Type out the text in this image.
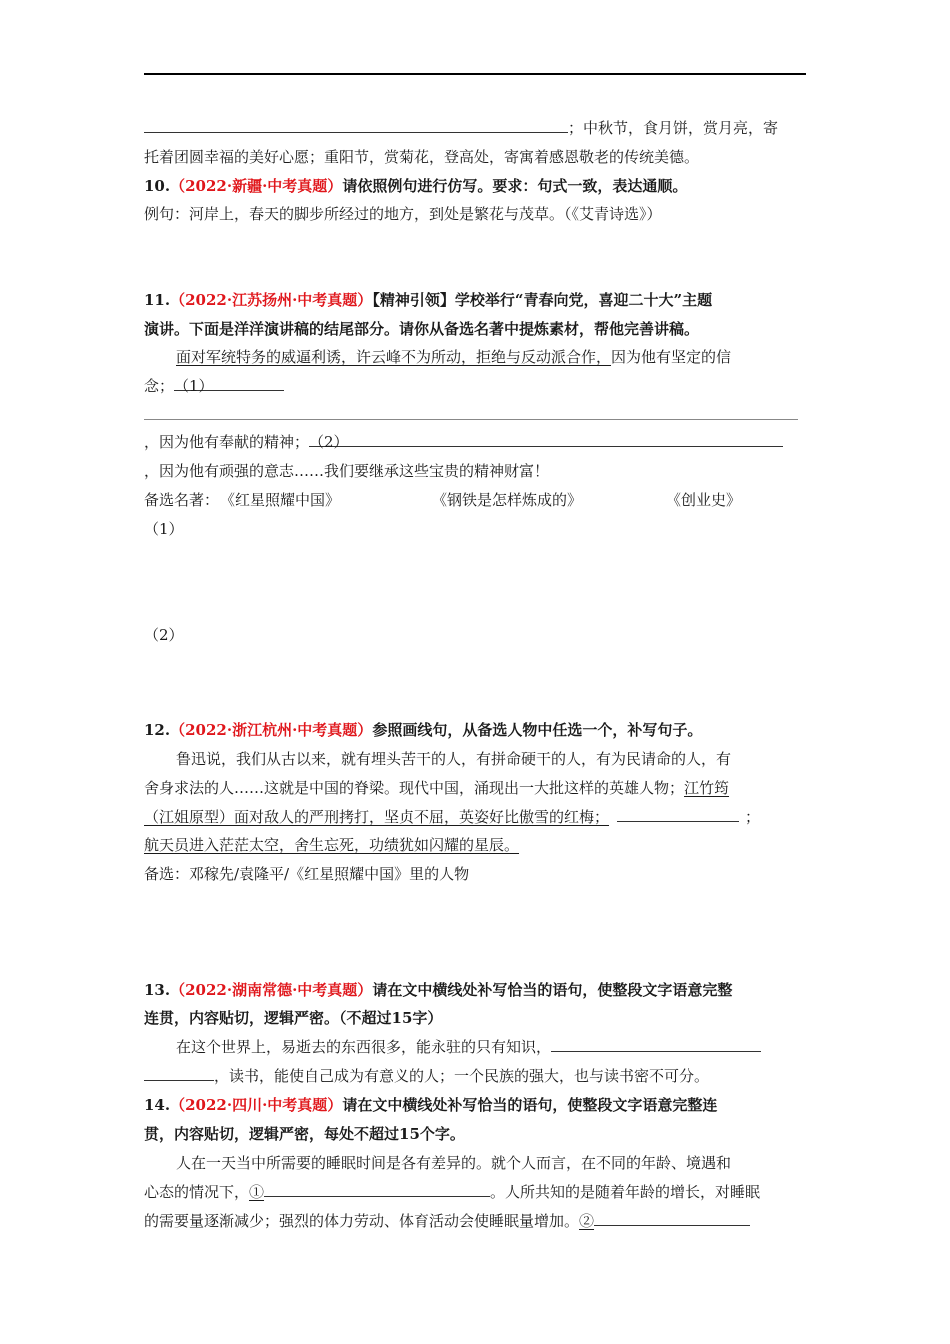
；中秋节，食月饼，赏月亮，寄
托着团圆幸福的美好心愿；重阳节，赏菊花，登高处，寄寓着感恩敬老的传统美德。
10.（2022·新疆·中考真题）请依照例句进行仿写。要求：句式一致，表达通顺。
例句：河岸上，春天的脚步所经过的地方，到处是繁花与茂草。（《艾青诗选》）
11.（2022·江苏扬州·中考真题）【精神引领】学校举行“青春向党，喜迎二十大”主题
演讲。下面是洋洋演讲稿的结尾部分。请你从备选名著中提炼素材，帮他完善讲稿。
面对军统特务的威逼利诱，许云峰不为所动，拒绝与反动派合作，因为他有坚定的信
念；（1）
，因为他有奉献的精神；（2）
，因为他有顽强的意志……我们要继承这些宝贵的精神财富！
备选名著： 《红星照耀中国》	《钢铁是怎样炼成的》	《创业史》
（1）
（2）
12.（2022·浙江杭州·中考真题）参照画线句，从备选人物中任选一个，补写句子。
鲁迅说，我们从古以来，就有埋头苦干的人，有拼命硬干的人，有为民请命的人，有
舍身求法的人……这就是中国的脊梁。现代中国，涌现出一大批这样的英雄人物；江竹筠
（江姐原型）面对敌人的严刑拷打，坚贞不屈，英姿好比傲雪的红梅；	；
航天员进入茫茫太空，舍生忘死，功绩犹如闪耀的星辰。
备选：邓稼先/袁隆平/《红星照耀中国》里的人物
13.（2022·湖南常德·中考真题）请在文中横线处补写恰当的语句，使整段文字语意完整
连贯，内容贴切，逻辑严密。（不超过15字）
在这个世界上，易逝去的东西很多，能永驻的只有知识，
，读书，能使自己成为有意义的人；一个民族的强大，也与读书密不可分。
14.（2022·四川·中考真题）请在文中横线处补写恰当的语句，使整段文字语意完整连
贯，内容贴切，逻辑严密，每处不超过15个字。
人在一天当中所需要的睡眠时间是各有差异的。就个人而言，在不同的年龄、境遇和
心态的情况下，①	。人所共知的是随着年龄的增长，对睡眠
的需要量逐渐减少；强烈的体力劳动、体育活动会使睡眠量增加。②
